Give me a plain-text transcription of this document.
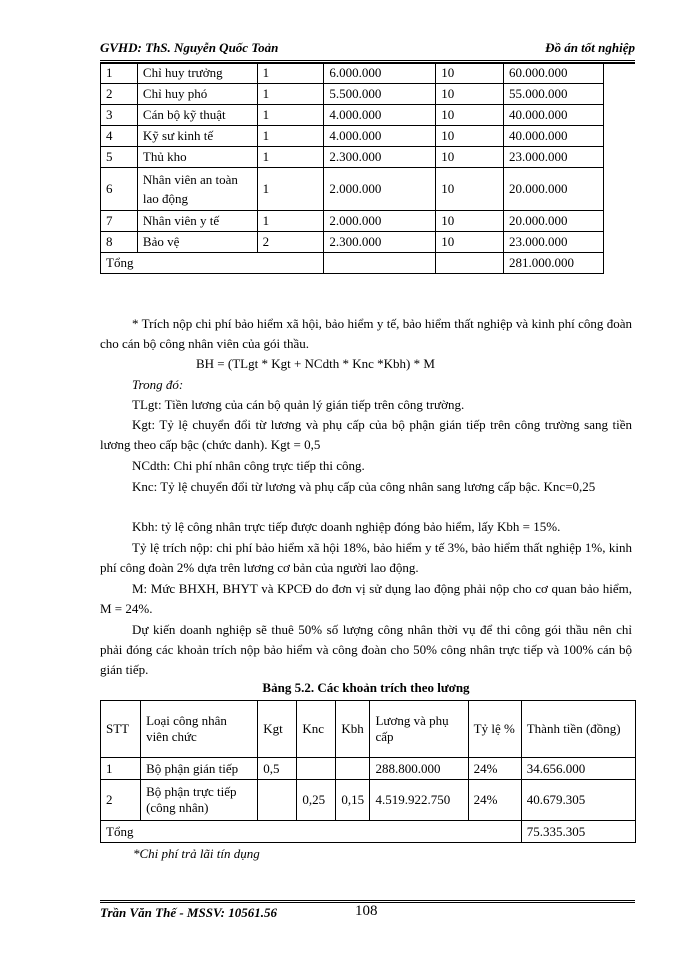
GVHD: ThS. Nguyễn Quốc Toản	Đồ án tốt nghiệp
1	Chỉ huy trưởng	1	6.000.000	10	60.000.000
2	Chỉ huy phó	1	5.500.000	10	55.000.000
3	Cán bộ kỹ thuật	1	4.000.000	10	40.000.000
4	Kỹ sư kinh tế	1	4.000.000	10	40.000.000
5	Thủ kho	1	2.300.000	10	23.000.000
6	Nhân viên an toàn lao động	1	2.000.000	10	20.000.000
7	Nhân viên y tế	1	2.000.000	10	20.000.000
8	Bảo vệ	2	2.300.000	10	23.000.000
Tổng					281.000.000

* Trích nộp chi phí bảo hiểm xã hội, bảo hiểm y tế, bảo hiểm thất nghiệp và kinh phí công đoàn cho cán bộ công nhân viên của gói thầu.

BH = (TLgt * Kgt + NCdth * Knc *Kbh) * M

Trong đó:

TLgt: Tiền lương của cán bộ quản lý gián tiếp trên công trường.

Kgt: Tỷ lệ chuyển đổi từ lương và phụ cấp của bộ phận gián tiếp trên công trường sang tiền lương theo cấp bậc (chức danh). Kgt = 0,5

NCdth: Chi phí nhân công trực tiếp thi công.

Knc: Tỷ lệ chuyển đổi từ lương và phụ cấp của công nhân sang lương cấp bậc. Knc=0,25

Kbh: tỷ lệ công nhân trực tiếp được doanh nghiệp đóng bảo hiểm, lấy Kbh = 15%.

Tỷ lệ trích nộp: chi phí bảo hiểm xã hội 18%, bảo hiểm y tế 3%, bảo hiểm thất nghiệp 1%, kinh phí công đoàn 2% dựa trên lương cơ bản của người lao động.

M: Mức BHXH, BHYT và KPCĐ do đơn vị sử dụng lao động phải nộp cho cơ quan bảo hiểm, M = 24%.

Dự kiến doanh nghiệp sẽ thuê 50% số lượng công nhân thời vụ để thi công gói thầu nên chỉ phải đóng các khoản trích nộp bảo hiểm và công đoàn cho 50% công nhân trực tiếp và 100% cán bộ gián tiếp.

Bảng 5.2. Các khoản trích theo lương
STT	Loại công nhân viên chức	Kgt	Knc	Kbh	Lương và phụ cấp	Tỷ lệ %	Thành tiền (đồng)
1	Bộ phận gián tiếp	0,5			288.800.000	24%	34.656.000
2	Bộ phận trực tiếp (công nhân)		0,25	0,15	4.519.922.750	24%	40.679.305
Tổng							75.335.305
*Chi phí trả lãi tín dụng
Trần Văn Thế - MSSV: 10561.56	108
